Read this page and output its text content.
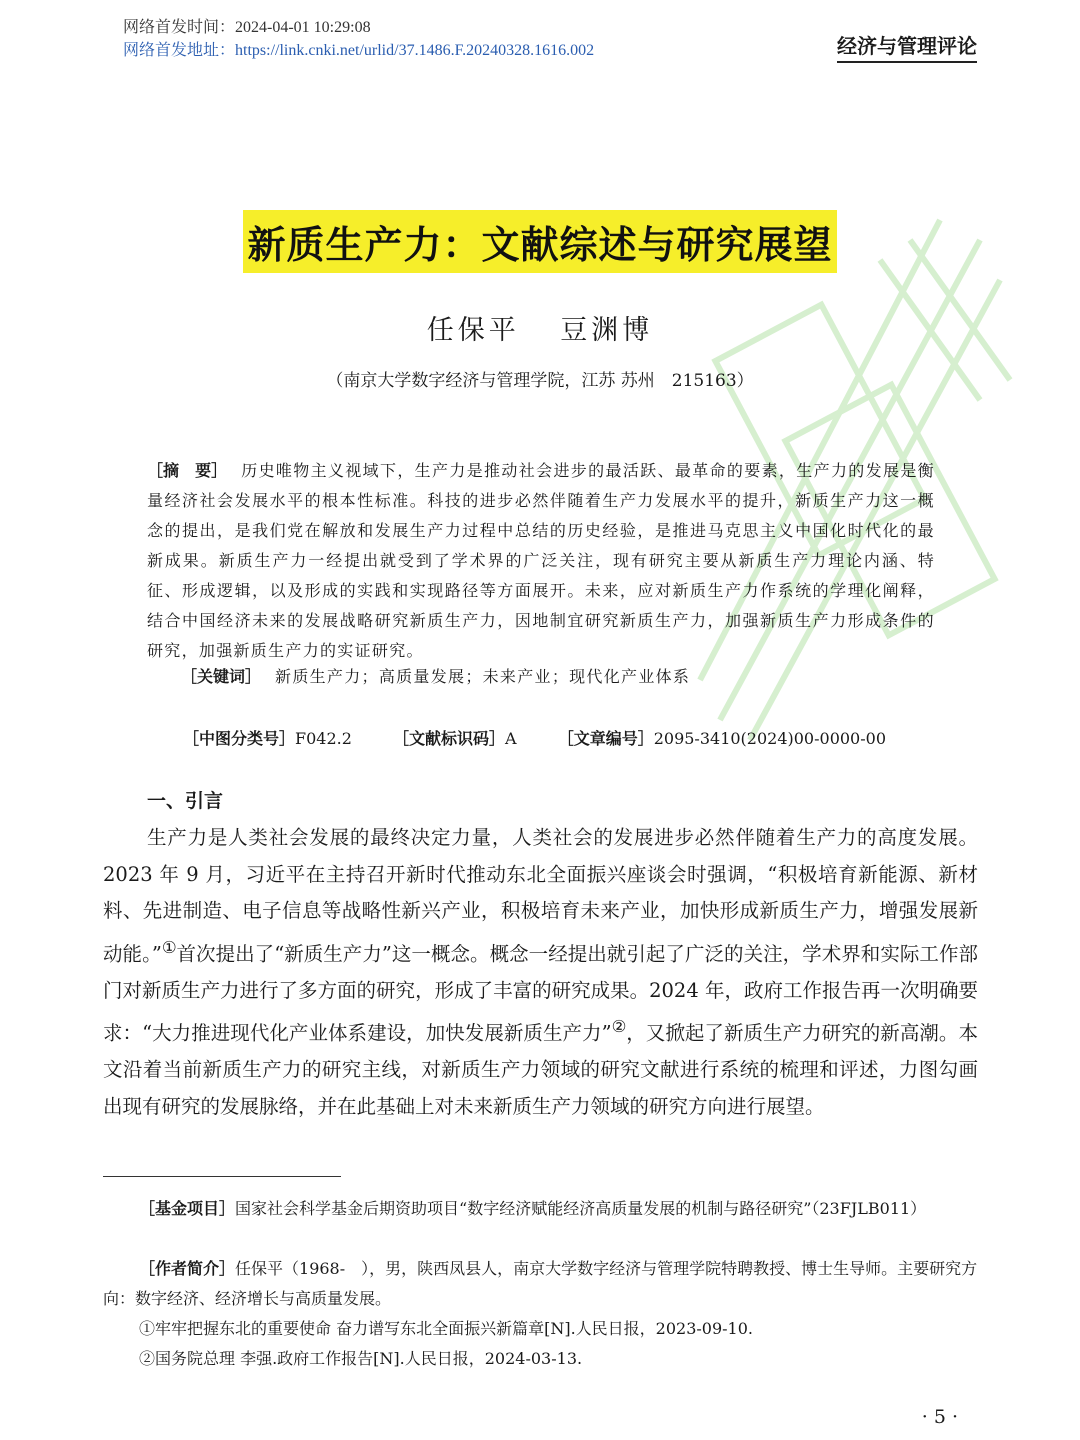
网络首发时间：2024-04-01 10:29:08
网络首发地址：https://link.cnki.net/urlid/37.1486.F.20240328.1616.002	经济与管理评论
新质生产力：文献综述与研究展望
任保平 豆渊博
（南京大学数字经济与管理学院，江苏 苏州　215163）
［摘　要］ 历史唯物主义视域下，生产力是推动社会进步的最活跃、最革命的要素，生产力的发展是衡量经济社会发展水平的根本性标准。科技的进步必然伴随着生产力发展水平的提升，新质生产力这一概念的提出，是我们党在解放和发展生产力过程中总结的历史经验，是推进马克思主义中国化时代化的最新成果。新质生产力一经提出就受到了学术界的广泛关注，现有研究主要从新质生产力理论内涵、特征、形成逻辑，以及形成的实践和实现路径等方面展开。未来，应对新质生产力作系统的学理化阐释，结合中国经济未来的发展战略研究新质生产力，因地制宜研究新质生产力，加强新质生产力形成条件的研究，加强新质生产力的实证研究。
［关键词］ 新质生产力；高质量发展；未来产业；现代化产业体系
［中图分类号］F042.2	［文献标识码］A	［文章编号］2095-3410(2024)00-0000-00
一、引言

生产力是人类社会发展的最终决定力量，人类社会的发展进步必然伴随着生产力的高度发展。2023 年 9 月，习近平在主持召开新时代推动东北全面振兴座谈会时强调，“积极培育新能源、新材料、先进制造、电子信息等战略性新兴产业，积极培育未来产业，加快形成新质生产力，增强发展新动能。”①首次提出了“新质生产力”这一概念。概念一经提出就引起了广泛的关注，学术界和实际工作部门对新质生产力进行了多方面的研究，形成了丰富的研究成果。2024 年，政府工作报告再一次明确要求：“大力推进现代化产业体系建设，加快发展新质生产力”②，又掀起了新质生产力研究的新高潮。本文沿着当前新质生产力的研究主线，对新质生产力领域的研究文献进行系统的梳理和评述，力图勾画出现有研究的发展脉络，并在此基础上对未来新质生产力领域的研究方向进行展望。

［基金项目］国家社会科学基金后期资助项目“数字经济赋能经济高质量发展的机制与路径研究”（23FJLB011）
［作者简介］任保平（1968-　），男，陕西凤县人，南京大学数字经济与管理学院特聘教授、博士生导师。主要研究方向：数字经济、经济增长与高质量发展。
①牢牢把握东北的重要使命 奋力谱写东北全面振兴新篇章[N].人民日报，2023-09-10.
②国务院总理 李强.政府工作报告[N].人民日报，2024-03-13.
· 5 ·
